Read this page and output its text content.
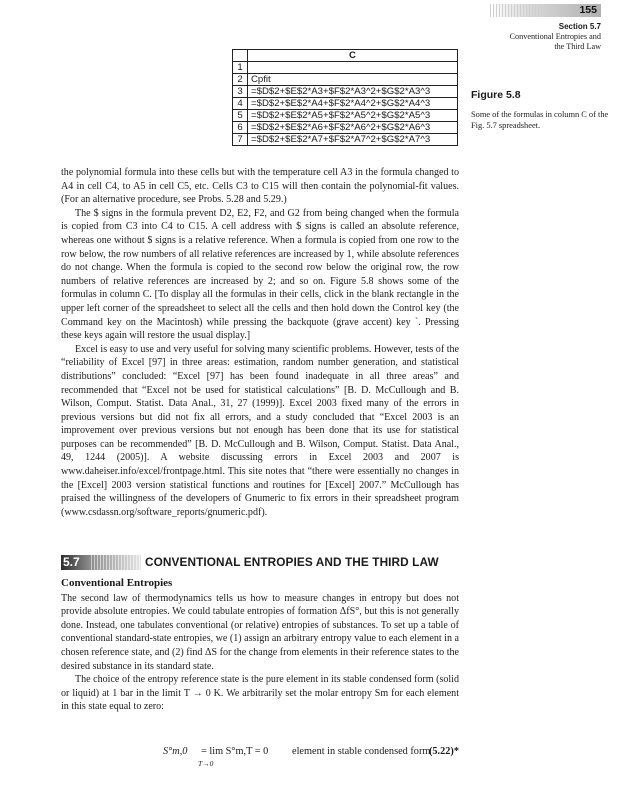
155
Section 5.7
Conventional Entropies and
the Third Law
	C
1	
2	Cpfit
3	=$D$2+$E$2*A3+$F$2*A3^2+$G$2*A3^3
4	=$D$2+$E$2*A4+$F$2*A4^2+$G$2*A4^3
5	=$D$2+$E$2*A5+$F$2*A5^2+$G$2*A5^3
6	=$D$2+$E$2*A6+$F$2*A6^2+$G$2*A6^3
7	=$D$2+$E$2*A7+$F$2*A7^2+$G$2*A7^3
Figure 5.8
Some of the formulas in column C of the Fig. 5.7 spreadsheet.

the polynomial formula into these cells but with the temperature cell A3 in the formula changed to A4 in cell C4, to A5 in cell C5, etc. Cells C3 to C15 will then contain the polynomial-fit values. (For an alternative procedure, see Probs. 5.28 and 5.29.)

The $ signs in the formula prevent D2, E2, F2, and G2 from being changed when the formula is copied from C3 into C4 to C15. A cell address with $ signs is called an absolute reference, whereas one without $ signs is a relative reference. When a formula is copied from one row to the row below, the row numbers of all relative references are increased by 1, while absolute references do not change. When the formula is copied to the second row below the original row, the row numbers of relative references are increased by 2; and so on. Figure 5.8 shows some of the formulas in column C. [To display all the formulas in their cells, click in the blank rectangle in the upper left corner of the spreadsheet to select all the cells and then hold down the Control key (the Command key on the Macintosh) while pressing the backquote (grave accent) key `. Pressing these keys again will restore the usual display.]

Excel is easy to use and very useful for solving many scientific problems. However, tests of the “reliability of Excel [97] in three areas: estimation, random number generation, and statistical distributions” concluded: “Excel [97] has been found inadequate in all three areas” and recommended that “Excel not be used for statistical calculations” [B. D. McCullough and B. Wilson, Comput. Statist. Data Anal., 31, 27 (1999)]. Excel 2003 fixed many of the errors in previous versions but did not fix all errors, and a study concluded that “Excel 2003 is an improvement over previous versions but not enough has been done that its use for statistical purposes can be recommended” [B. D. McCullough and B. Wilson, Comput. Statist. Data Anal., 49, 1244 (2005)]. A website discussing errors in Excel 2003 and 2007 is www.daheiser.info/excel/frontpage.html. This site notes that “there were essentially no changes in the [Excel] 2003 version statistical functions and routines for [Excel] 2007.” McCullough has praised the willingness of the developers of Gnumeric to fix errors in their spreadsheet program (www.csdassn.org/software_reports/gnumeric.pdf).

5.7	CONVENTIONAL ENTROPIES AND THE THIRD LAW
Conventional Entropies

The second law of thermodynamics tells us how to measure changes in entropy but does not provide absolute entropies. We could tabulate entropies of formation ΔfS°, but this is not generally done. Instead, one tabulates conventional (or relative) entropies of substances. To set up a table of conventional standard-state entropies, we (1) assign an arbitrary entropy value to each element in a chosen reference state, and (2) find ΔS for the change from elements in their reference states to the desired substance in its standard state.

The choice of the entropy reference state is the pure element in its stable condensed form (solid or liquid) at 1 bar in the limit T → 0 K. We arbitrarily set the molar entropy Sm for each element in this state equal to zero:

S°m,0 = lim S°m,T = 0
T→0
element in stable condensed form
(5.22)*
